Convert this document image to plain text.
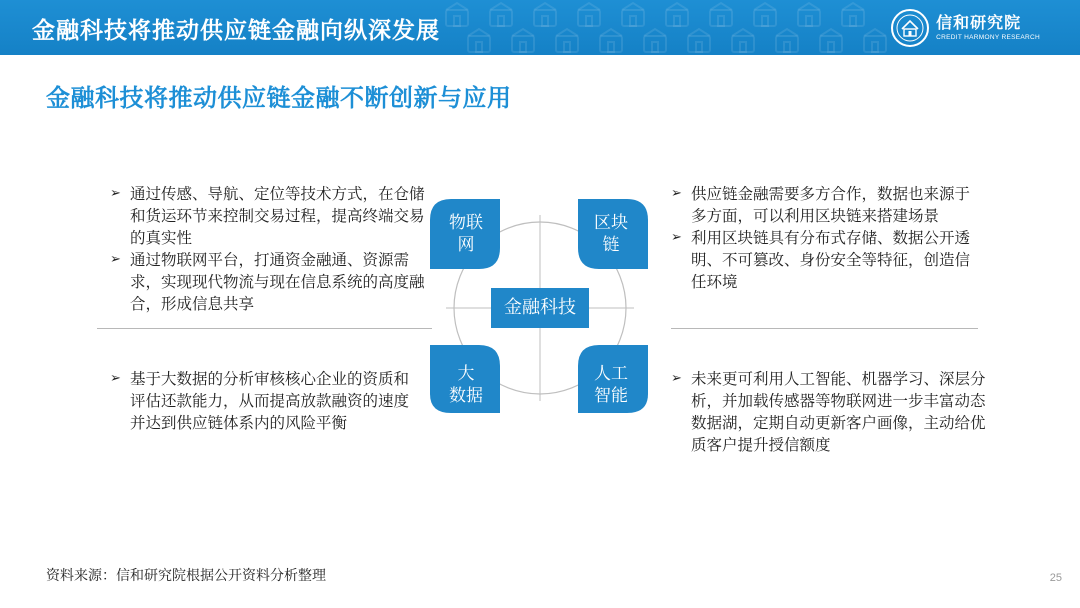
金融科技将推动供应链金融向纵深发展	信和研究院
CREDIT HARMONY RESEARCH
金融科技将推动供应链金融不断创新与应用
➢ 通过传感、导航、定位等技术方式，在仓储和货运环节来控制交易过程，提高终端交易的真实性
➢ 通过物联网平台，打通资金融通、资源需求，实现现代物流与现在信息系统的高度融合，形成信息共享
➢ 基于大数据的分析审核核心企业的资质和评估还款能力，从而提高放款融资的速度并达到供应链体系内的风险平衡
➢ 供应链金融需要多方合作，数据也来源于多方面，可以利用区块链来搭建场景
➢ 利用区块链具有分布式存储、数据公开透明、不可篡改、身份安全等特征，创造信任环境
➢ 未来更可利用人工智能、机器学习、深层分析，并加载传感器等物联网进一步丰富动态数据湖，定期自动更新客户画像，主动给优质客户提升授信额度
物联
网
区块
链
大
数据
人工
智能
金融科技
资料来源：信和研究院根据公开资料分析整理	25
